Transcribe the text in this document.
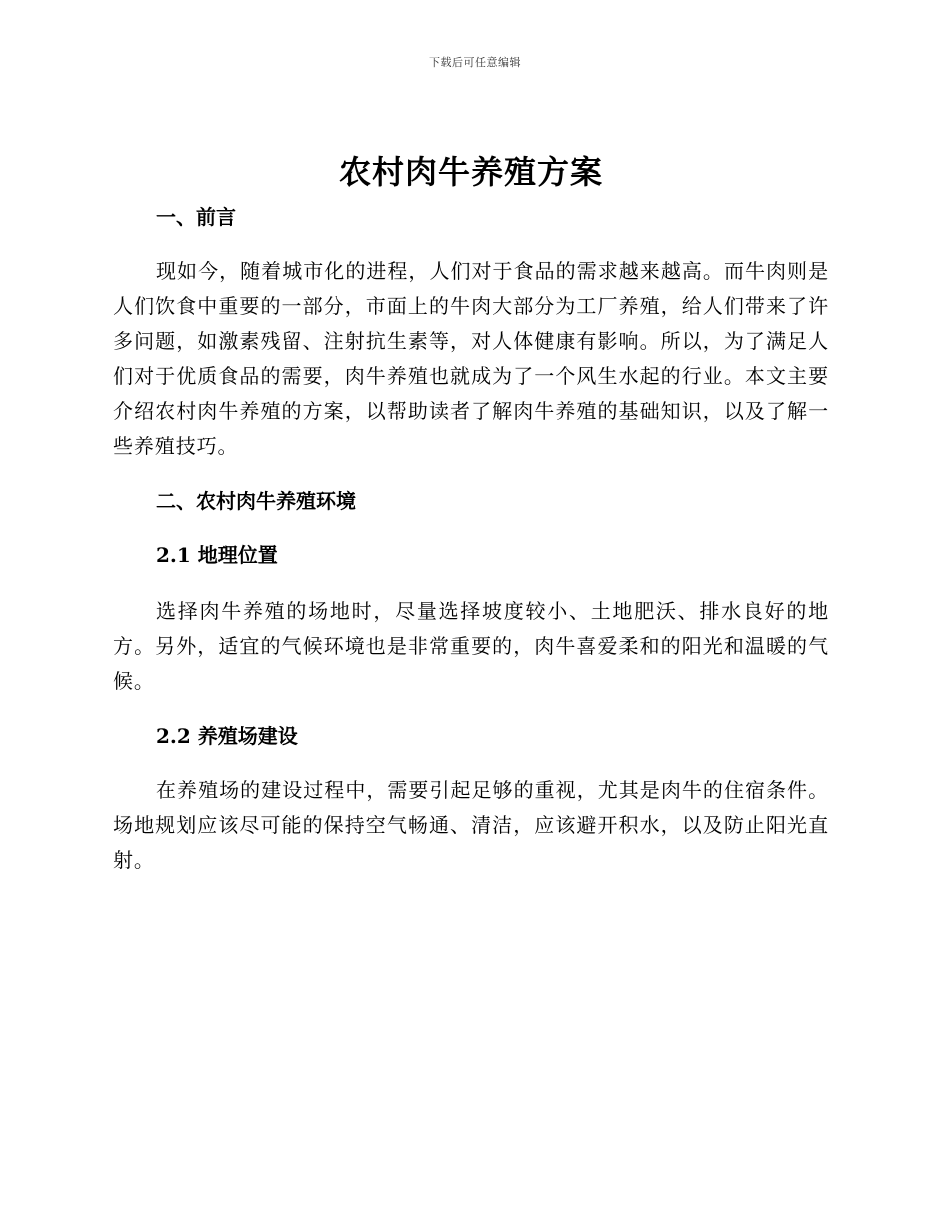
下载后可任意编辑
农村肉牛养殖方案
一、前言

现如今，随着城市化的进程，人们对于食品的需求越来越高。而牛肉则是人们饮食中重要的一部分，市面上的牛肉大部分为工厂养殖，给人们带来了许多问题，如激素残留、注射抗生素等，对人体健康有影响。所以，为了满足人们对于优质食品的需要，肉牛养殖也就成为了一个风生水起的行业。本文主要介绍农村肉牛养殖的方案，以帮助读者了解肉牛养殖的基础知识，以及了解一些养殖技巧。

二、农村肉牛养殖环境
2.1 地理位置

选择肉牛养殖的场地时，尽量选择坡度较小、土地肥沃、排水良好的地方。另外，适宜的气候环境也是非常重要的，肉牛喜爱柔和的阳光和温暖的气候。

2.2 养殖场建设

在养殖场的建设过程中，需要引起足够的重视，尤其是肉牛的住宿条件。场地规划应该尽可能的保持空气畅通、清洁，应该避开积水，以及防止阳光直射。
